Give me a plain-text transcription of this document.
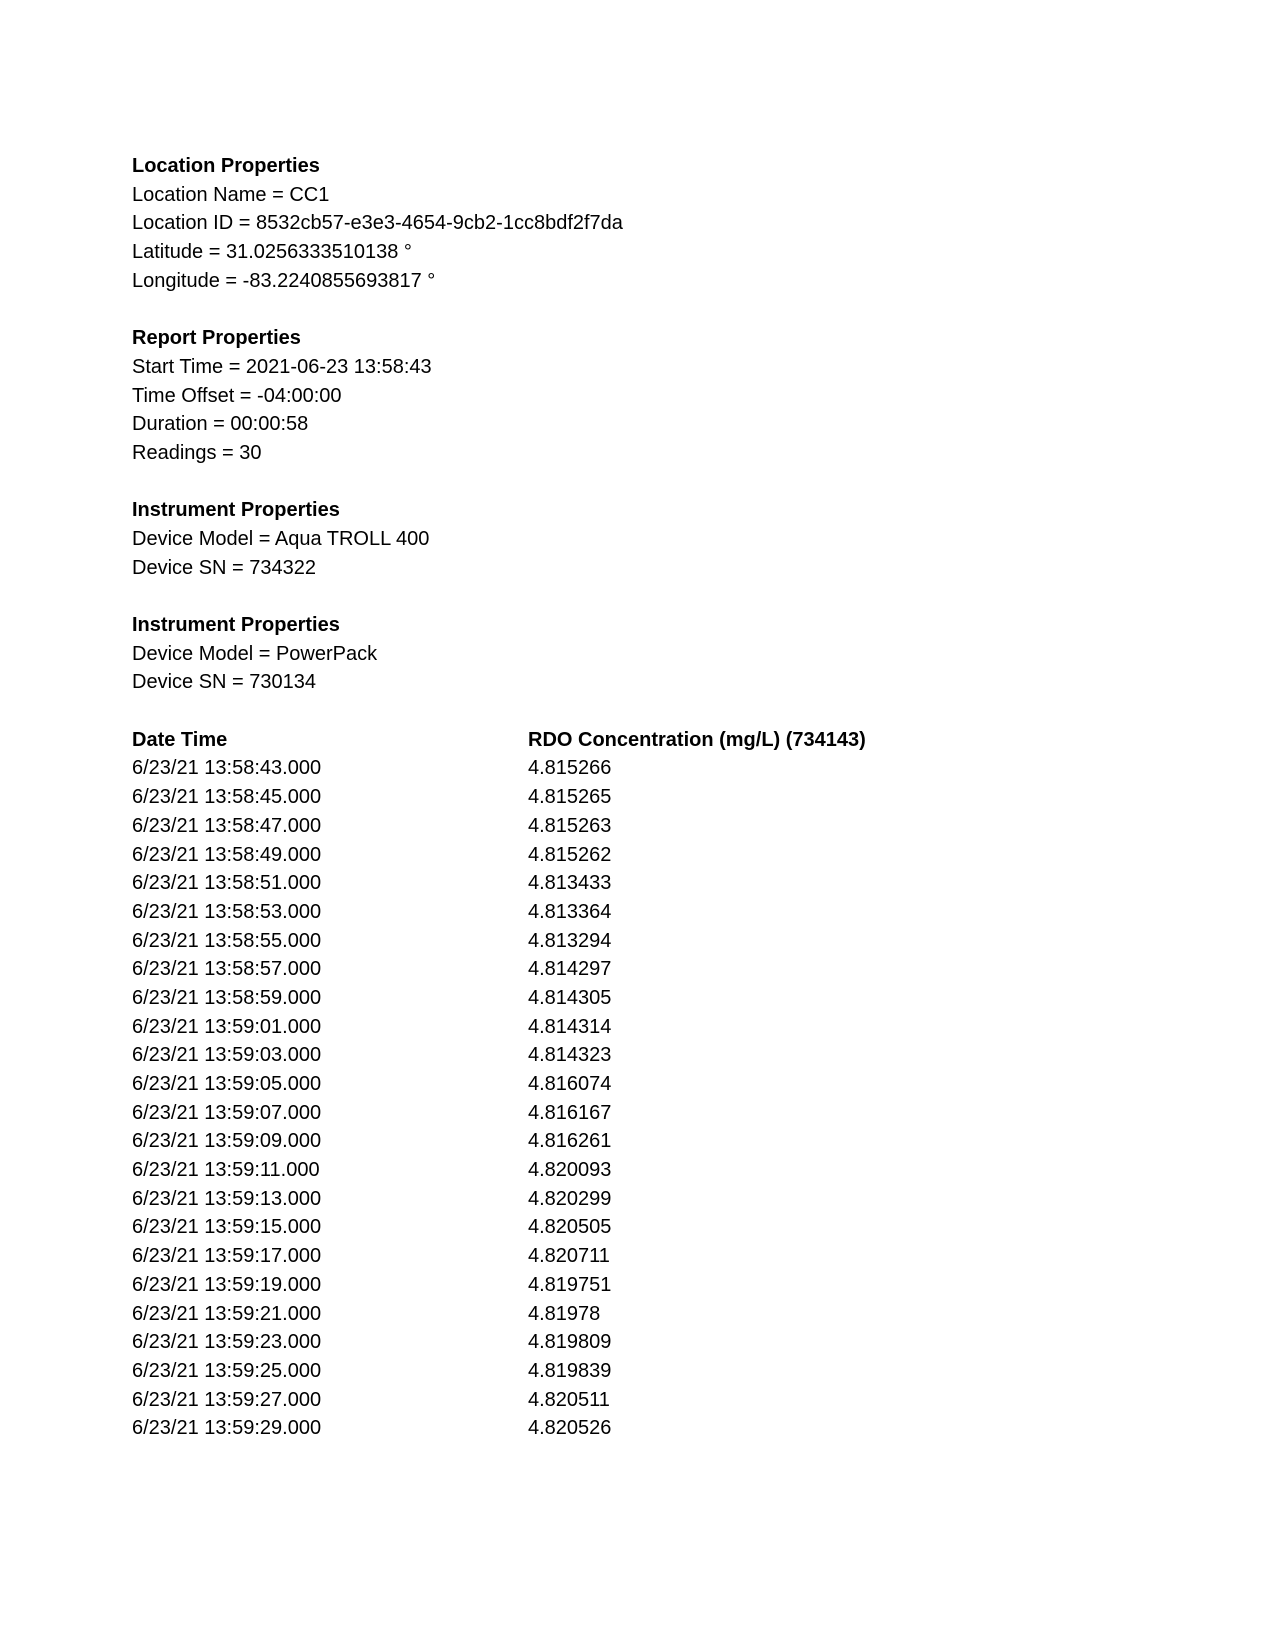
Location Properties
Location Name = CC1
Location ID = 8532cb57-e3e3-4654-9cb2-1cc8bdf2f7da
Latitude = 31.0256333510138 °
Longitude = -83.2240855693817 °
Report Properties
Start Time = 2021-06-23 13:58:43
Time Offset = -04:00:00
Duration = 00:00:58
Readings = 30
Instrument Properties
Device Model = Aqua TROLL 400
Device SN = 734322
Instrument Properties
Device Model = PowerPack
Device SN = 730134
Date Time	RDO Concentration (mg/L) (734143)
6/23/21 13:58:43.000	4.815266
6/23/21 13:58:45.000	4.815265
6/23/21 13:58:47.000	4.815263
6/23/21 13:58:49.000	4.815262
6/23/21 13:58:51.000	4.813433
6/23/21 13:58:53.000	4.813364
6/23/21 13:58:55.000	4.813294
6/23/21 13:58:57.000	4.814297
6/23/21 13:58:59.000	4.814305
6/23/21 13:59:01.000	4.814314
6/23/21 13:59:03.000	4.814323
6/23/21 13:59:05.000	4.816074
6/23/21 13:59:07.000	4.816167
6/23/21 13:59:09.000	4.816261
6/23/21 13:59:11.000	4.820093
6/23/21 13:59:13.000	4.820299
6/23/21 13:59:15.000	4.820505
6/23/21 13:59:17.000	4.820711
6/23/21 13:59:19.000	4.819751
6/23/21 13:59:21.000	4.81978
6/23/21 13:59:23.000	4.819809
6/23/21 13:59:25.000	4.819839
6/23/21 13:59:27.000	4.820511
6/23/21 13:59:29.000	4.820526
